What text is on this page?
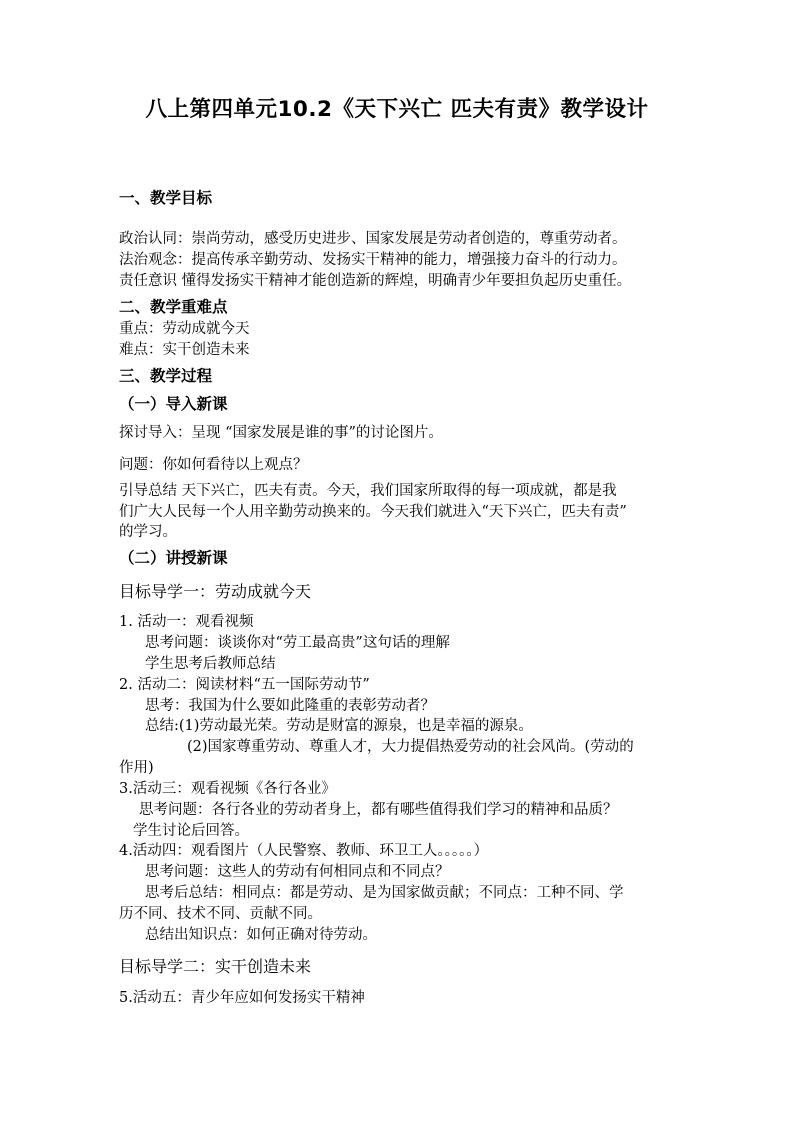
八上第四单元10.2《天下兴亡 匹夫有责》教学设计
一、教学目标
政治认同：崇尚劳动，感受历史进步、国家发展是劳动者创造的，尊重劳动者。
法治观念：提高传承辛勤劳动、发扬实干精神的能力，增强接力奋斗的行动力。
责任意识 懂得发扬实干精神才能创造新的辉煌，明确青少年要担负起历史重任。
二、教学重难点
重点：劳动成就今天
难点：实干创造未来
三、教学过程
（一）导入新课
探讨导入：呈现 “国家发展是谁的事”的讨论图片。
问题：你如何看待以上观点？
引导总结 天下兴亡，匹夫有责。今天，我们国家所取得的每一项成就，都是我
们广大人民每一个人用辛勤劳动换来的。今天我们就进入“天下兴亡，匹夫有责”
的学习。
（二）讲授新课
目标导学一：劳动成就今天
1. 活动一：观看视频
思考问题：谈谈你对“劳工最高贵”这句话的理解
学生思考后教师总结
2. 活动二：阅读材料“五一国际劳动节”
思考：我国为什么要如此隆重的表彰劳动者？
总结:(1)劳动最光荣。劳动是财富的源泉，也是幸福的源泉。
(2)国家尊重劳动、尊重人才，大力提倡热爱劳动的社会风尚。(劳动的
作用)
3.活动三：观看视频《各行各业》
思考问题：各行各业的劳动者身上，都有哪些值得我们学习的精神和品质？
学生讨论后回答。
4.活动四：观看图片（人民警察、教师、环卫工人。。。。。）
思考问题：这些人的劳动有何相同点和不同点？
思考后总结：相同点：都是劳动、是为国家做贡献；不同点：工种不同、学
历不同、技术不同、贡献不同。
总结出知识点：如何正确对待劳动。
目标导学二：实干创造未来
5.活动五：青少年应如何发扬实干精神
